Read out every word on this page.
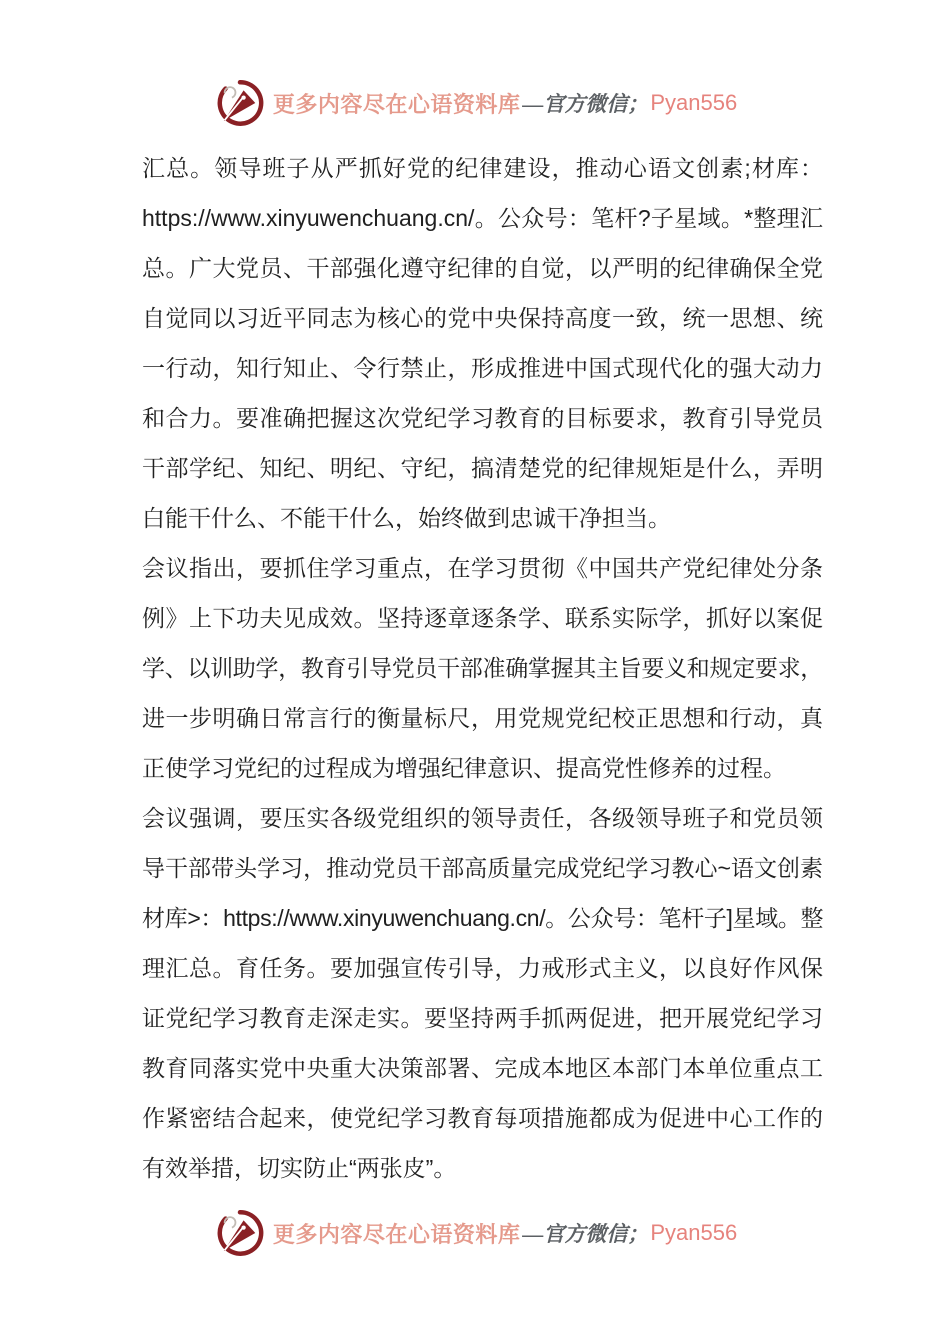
更多内容尽在心语资料库 —官方微信； Pyan556
汇总。领导班子从严抓好党的纪律建设，推动心语文创素;材库：
https://www.xinyuwenchuang.cn/。公众号：笔杆?子星域。*整理汇
总。广大党员、干部强化遵守纪律的自觉，以严明的纪律确保全党
自觉同以习近平同志为核心的党中央保持高度一致，统一思想、统
一行动，知行知止、令行禁止，形成推进中国式现代化的强大动力
和合力。要准确把握这次党纪学习教育的目标要求，教育引导党员
干部学纪、知纪、明纪、守纪，搞清楚党的纪律规矩是什么，弄明
白能干什么、不能干什么，始终做到忠诚干净担当。
会议指出，要抓住学习重点，在学习贯彻《中国共产党纪律处分条
例》上下功夫见成效。坚持逐章逐条学、联系实际学，抓好以案促
学、以训助学，教育引导党员干部准确掌握其主旨要义和规定要求，
进一步明确日常言行的衡量标尺，用党规党纪校正思想和行动，真
正使学习党纪的过程成为增强纪律意识、提高党性修养的过程。
会议强调，要压实各级党组织的领导责任，各级领导班子和党员领
导干部带头学习，推动党员干部高质量完成党纪学习教心~语文创素
材库>：https://www.xinyuwenchuang.cn/。公众号：笔杆子]星域。整
理汇总。育任务。要加强宣传引导，力戒形式主义，以良好作风保
证党纪学习教育走深走实。要坚持两手抓两促进，把开展党纪学习
教育同落实党中央重大决策部署、完成本地区本部门本单位重点工
作紧密结合起来，使党纪学习教育每项措施都成为促进中心工作的
有效举措，切实防止“两张皮”。
更多内容尽在心语资料库 —官方微信； Pyan556
